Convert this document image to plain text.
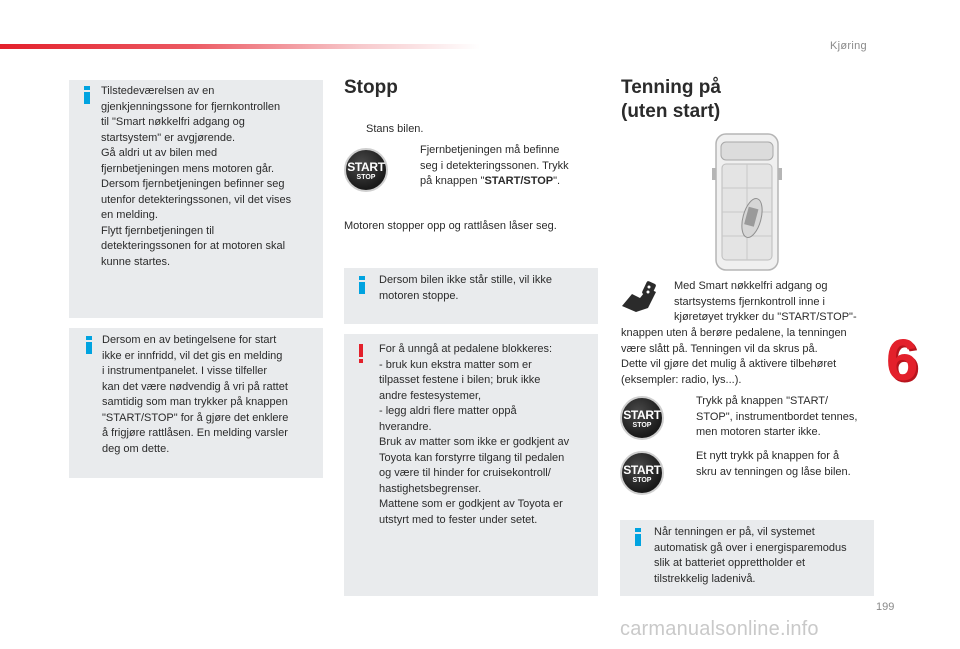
Kjøring
199
6
Tilstedeværelsen av en
gjenkjenningssone for fjernkontrollen
til "Smart nøkkelfri adgang og
startsystem" er avgjørende.
Gå aldri ut av bilen med
fjernbetjeningen mens motoren går.
Dersom fjernbetjeningen befinner seg
utenfor detekteringssonen, vil det vises
en melding.
Flytt fjernbetjeningen til
detekteringssonen for at motoren skal
kunne startes.
Dersom en av betingelsene for start
ikke er innfridd, vil det gis en melding
i instrumentpanelet. I visse tilfeller
kan det være nødvendig å vri på rattet
samtidig som man trykker på knappen
"START/STOP" for å gjøre det enklere
å frigjøre rattlåsen. En melding varsler
deg om dette.
Stopp
Stans bilen.
START
STOP
Fjernbetjeningen må befinne
seg i detekteringssonen. Trykk
på knappen "START/STOP".
Motoren stopper opp og rattlåsen låser seg.
Dersom bilen ikke står stille, vil ikke
motoren stoppe.
For å unngå at pedalene blokkeres:
- bruk kun ekstra matter som er
tilpasset festene i bilen; bruk ikke
andre festesystemer,
- legg aldri flere matter oppå
hverandre.
Bruk av matter som ikke er godkjent av
Toyota kan forstyrre tilgang til pedalen
og være til hinder for cruisekontroll/
hastighetsbegrenser.
Mattene som er godkjent av Toyota er
utstyrt med to fester under setet.
Tenning på
(uten start)
Med Smart nøkkelfri adgang og
startsystems fjernkontroll inne i
kjøretøyet trykker du "START/STOP"-
knappen uten å berøre pedalene, la tenningen
være slått på. Tenningen vil da skrus på.
Dette vil gjøre det mulig å aktivere tilbehøret
(eksempler: radio, lys...).
START
STOP
Trykk på knappen "START/
STOP", instrumentbordet tennes,
men motoren starter ikke.
START
STOP
Et nytt trykk på knappen for å
skru av tenningen og låse bilen.
Når tenningen er på, vil systemet
automatisk gå over i energisparemodus
slik at batteriet opprettholder et
tilstrekkelig ladenivå.
carmanualsonline.info
